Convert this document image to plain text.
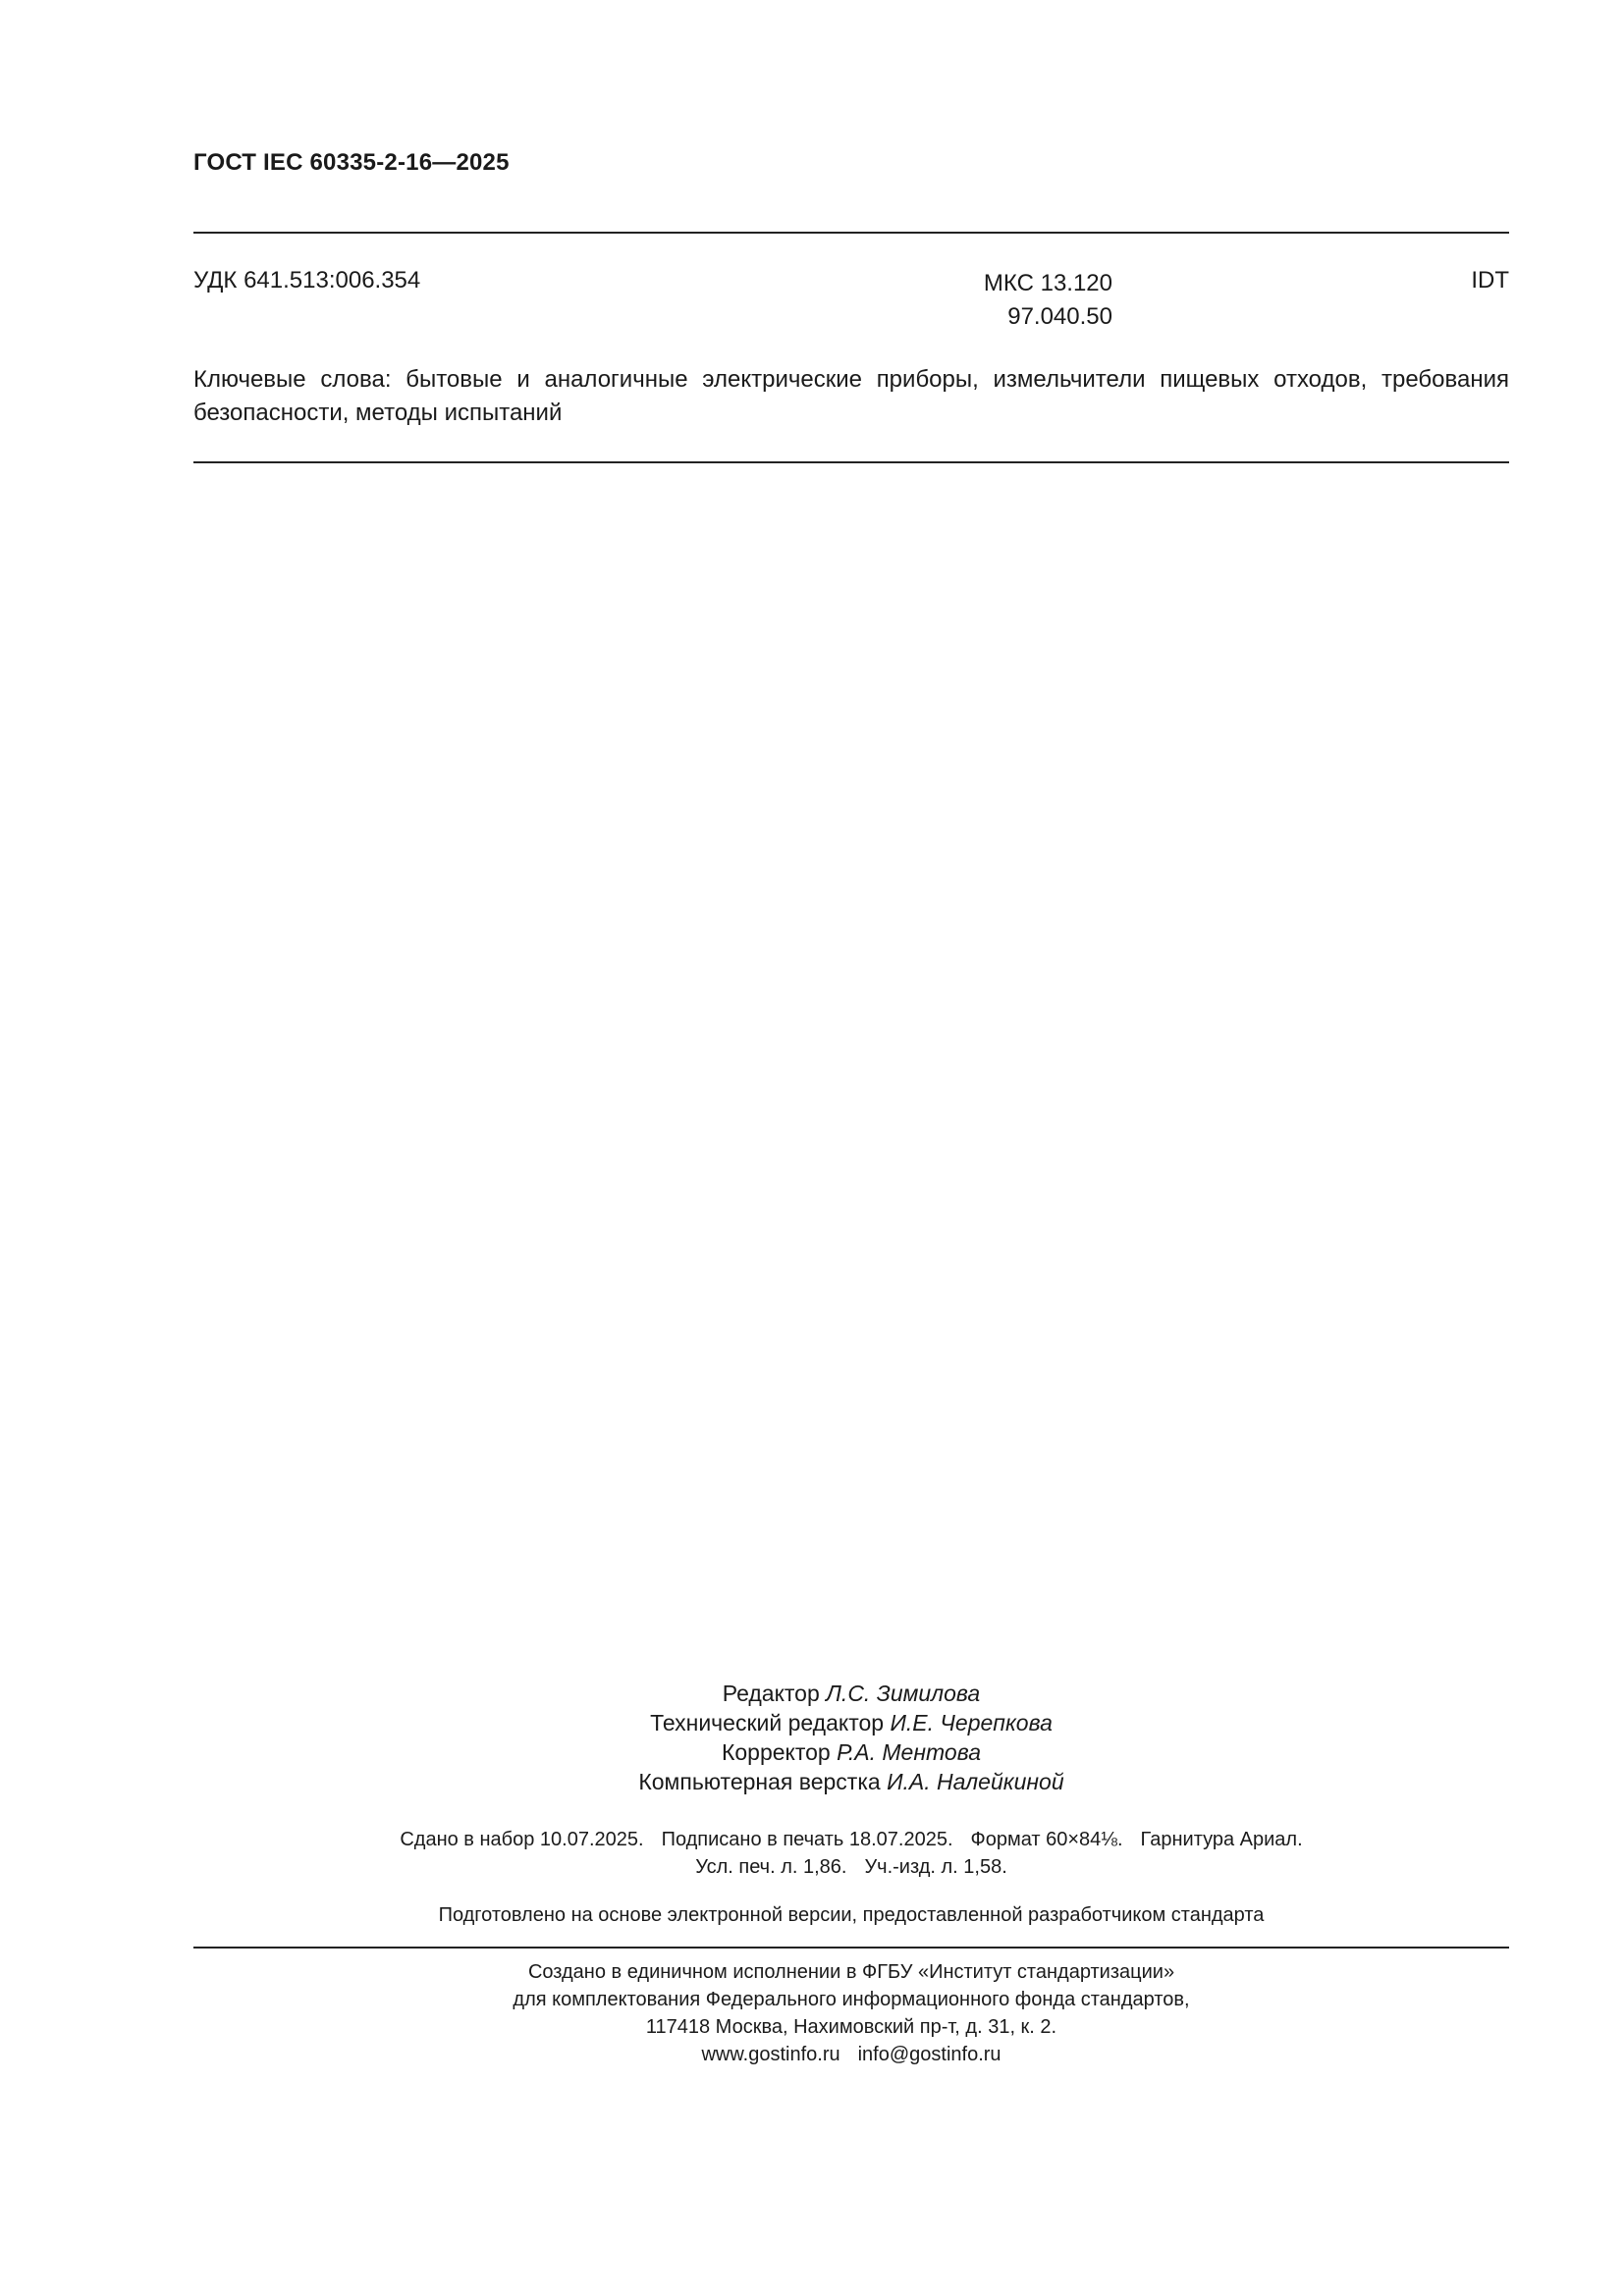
ГОСТ IEC 60335-2-16—2025
УДК 641.513:006.354	МКС 13.120
97.040.50
IDT
Ключевые слова: бытовые и аналогичные электрические приборы, измельчители пищевых отходов, требования безопасности, методы испытаний
Редактор Л.С. Зимилова
Технический редактор И.Е. Черепкова
Корректор Р.А. Ментова
Компьютерная верстка И.А. Налейкиной
Сдано в набор 10.07.2025. Подписано в печать 18.07.2025. Формат 60×84⅛. Гарнитура Ариал.
Усл. печ. л. 1,86. Уч.-изд. л. 1,58.
Подготовлено на основе электронной версии, предоставленной разработчиком стандарта
Создано в единичном исполнении в ФГБУ «Институт стандартизации»
для комплектования Федерального информационного фонда стандартов,
117418 Москва, Нахимовский пр-т, д. 31, к. 2.
www.gostinfo.ru info@gostinfo.ru
